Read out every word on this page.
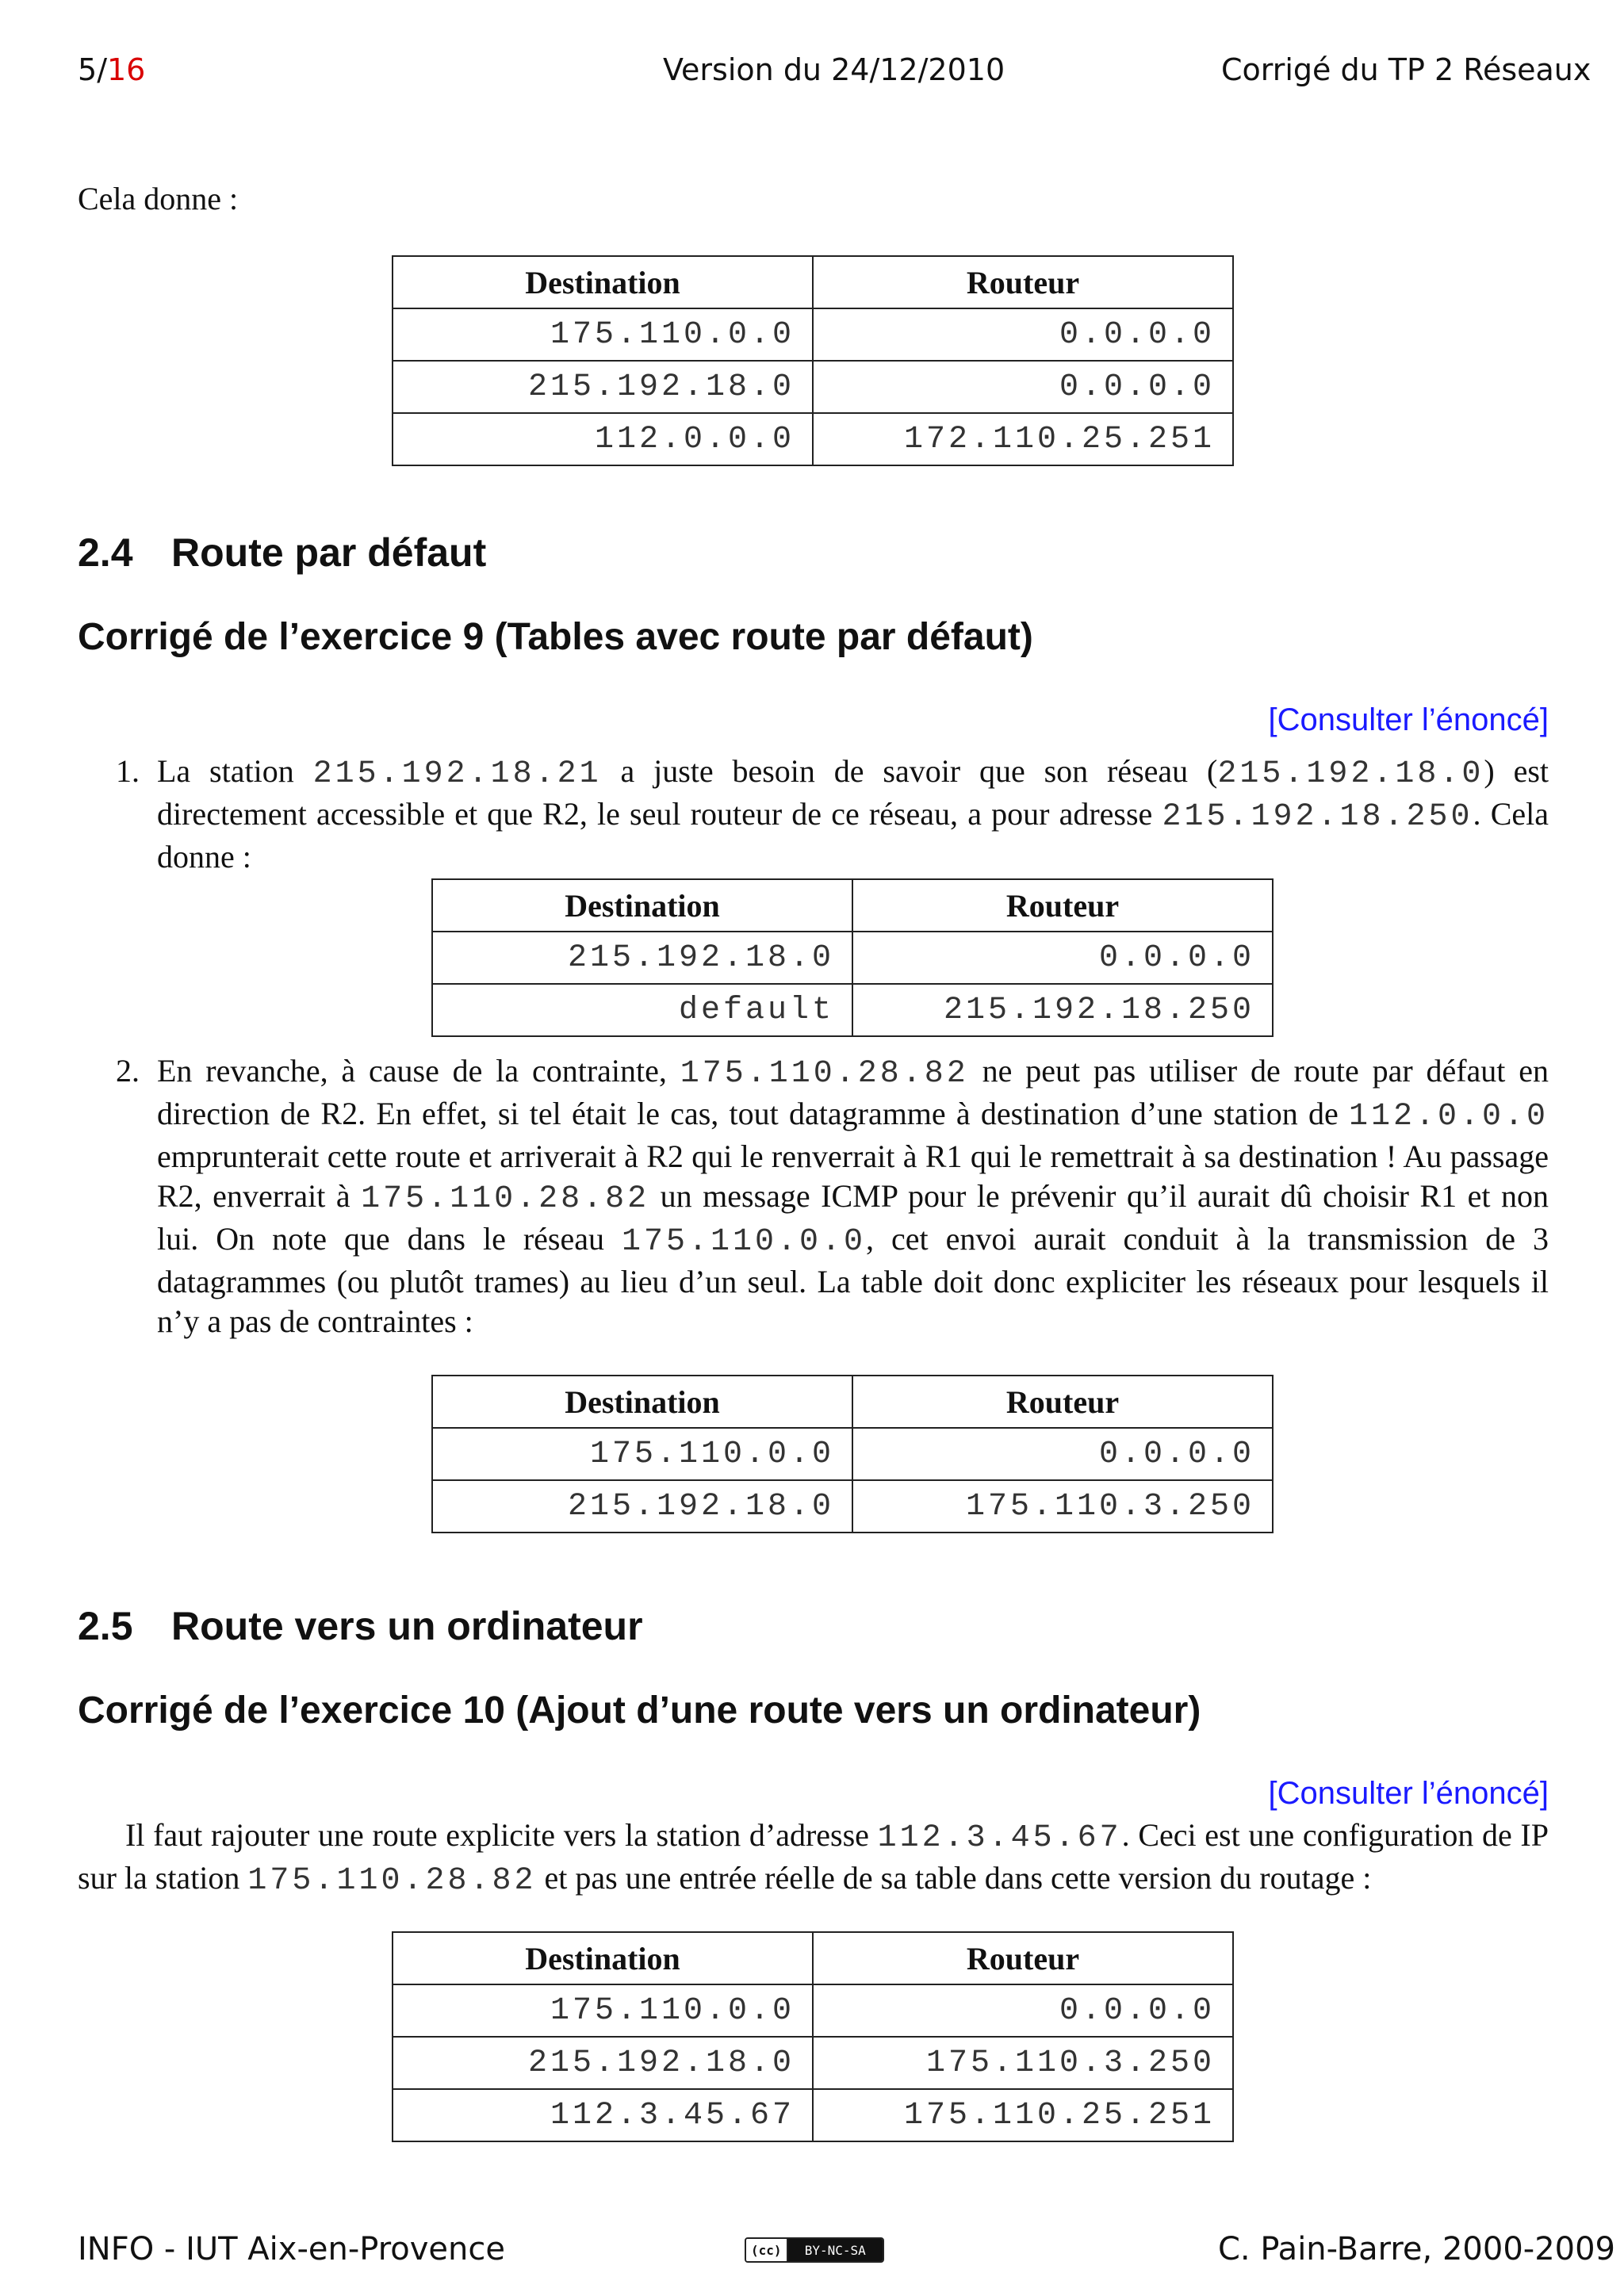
5/16	Version du 24/12/2010	Corrigé du TP 2 Réseaux
Cela donne :
Destination	Routeur
175.110.0.0	0.0.0.0
215.192.18.0	0.0.0.0
112.0.0.0	172.110.25.251
2.4 Route par défaut
Corrigé de l’exercice 9 (Tables avec route par défaut)
[Consulter l’énoncé]
1. La station 215.192.18.21 a juste besoin de savoir que son réseau (215.192.18.0) est directement accessible et que R2, le seul routeur de ce réseau, a pour adresse 215.192.18.250. Cela donne :
Destination	Routeur
215.192.18.0	0.0.0.0
default	215.192.18.250
2. En revanche, à cause de la contrainte, 175.110.28.82 ne peut pas utiliser de route par défaut en direction de R2. En effet, si tel était le cas, tout datagramme à destination d’une station de 112.0.0.0 emprunterait cette route et arriverait à R2 qui le renverrait à R1 qui le remettrait à sa destination ! Au passage R2, enverrait à 175.110.28.82 un message ICMP pour le prévenir qu’il aurait dû choisir R1 et non lui. On note que dans le réseau 175.110.0.0, cet envoi aurait conduit à la transmission de 3 datagrammes (ou plutôt trames) au lieu d’un seul. La table doit donc expliciter les réseaux pour lesquels il n’y a pas de contraintes :
Destination	Routeur
175.110.0.0	0.0.0.0
215.192.18.0	175.110.3.250
2.5 Route vers un ordinateur
Corrigé de l’exercice 10 (Ajout d’une route vers un ordinateur)
[Consulter l’énoncé]
Il faut rajouter une route explicite vers la station d’adresse 112.3.45.67. Ceci est une configuration de IP sur la station 175.110.28.82 et pas une entrée réelle de sa table dans cette version du routage :
Destination	Routeur
175.110.0.0	0.0.0.0
215.192.18.0	175.110.3.250
112.3.45.67	175.110.25.251
INFO - IUT Aix-en-Provence	(cc)	BY-NC-SA	C. Pain-Barre, 2000-2009
